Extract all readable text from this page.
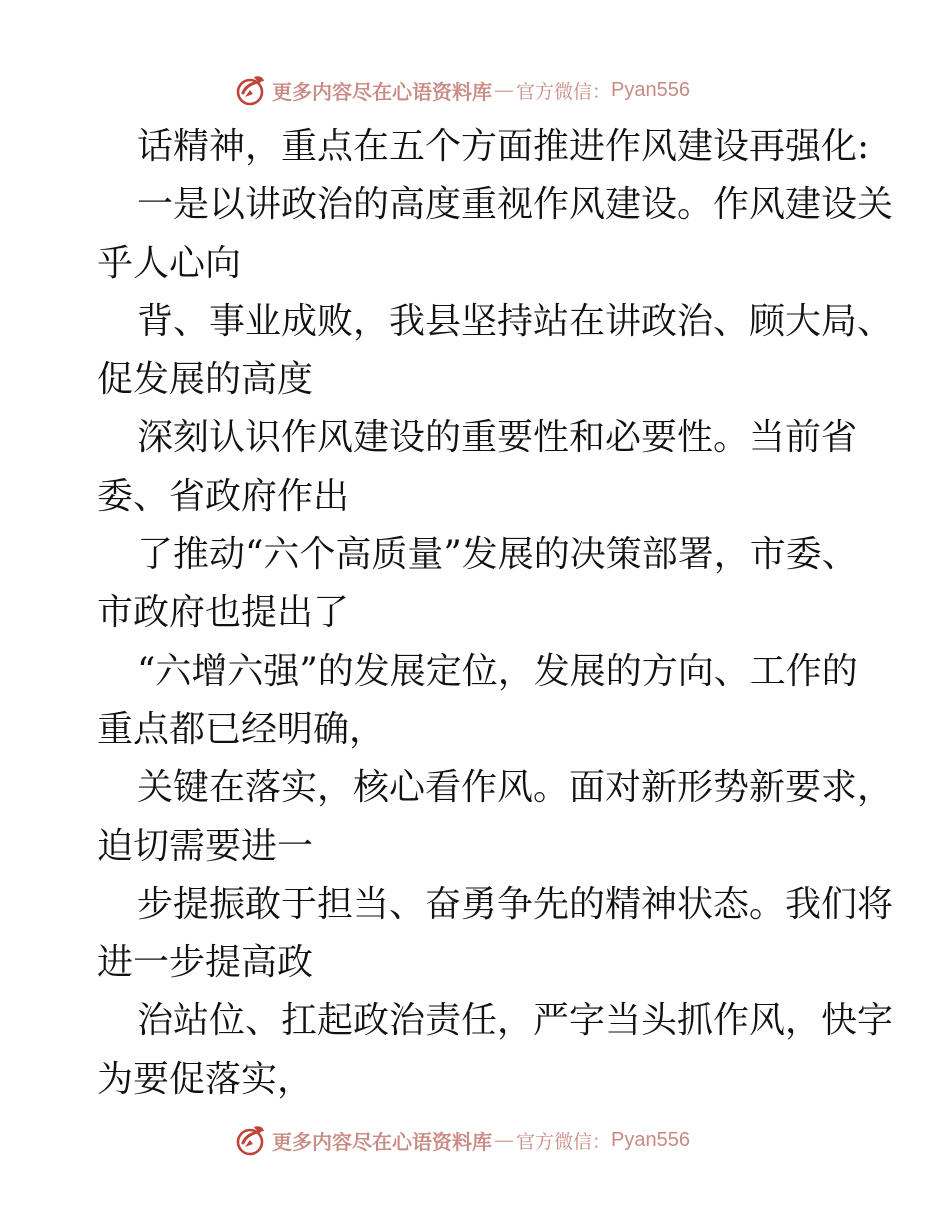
更多内容尽在心语资料库 — 官方微信： Pyan556
话精神，重点在五个方面推进作风建设再强化:
一是以讲政治的高度重视作风建设。作风建设关
乎人心向
背、事业成败，我县坚持站在讲政治、顾大局、
促发展的高度
深刻认识作风建设的重要性和必要性。当前省
委、省政府作出
了推动“六个高质量”发展的决策部署，市委、
市政府也提出了
“六增六强”的发展定位，发展的方向、工作的
重点都已经明确，
关键在落实，核心看作风。面对新形势新要求，
迫切需要进一
步提振敢于担当、奋勇争先的精神状态。我们将
进一步提高政
治站位、扛起政治责任，严字当头抓作风，快字
为要促落实，
更多内容尽在心语资料库 — 官方微信： Pyan556
